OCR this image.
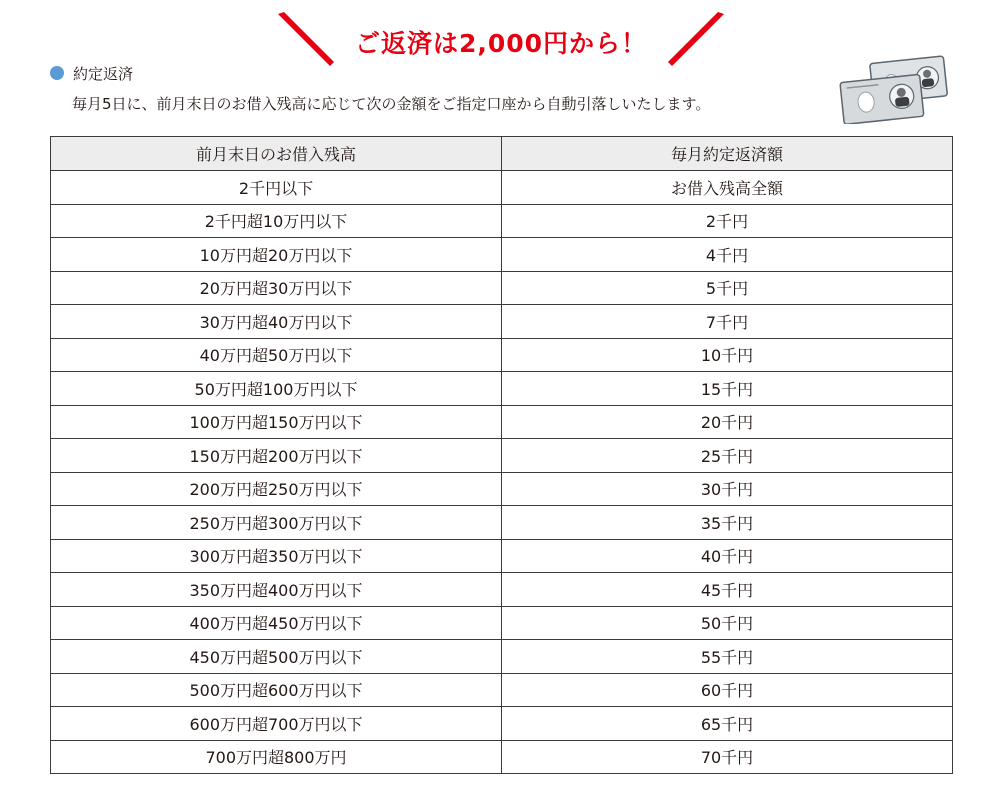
ご返済は2,000円から！
約定返済
毎月5日に、前月末日のお借入残高に応じて次の金額をご指定口座から自動引落しいたします。
前月末日のお借入残高	毎月約定返済額
2千円以下	お借入残高全額
2千円超10万円以下	2千円
10万円超20万円以下	4千円
20万円超30万円以下	5千円
30万円超40万円以下	7千円
40万円超50万円以下	10千円
50万円超100万円以下	15千円
100万円超150万円以下	20千円
150万円超200万円以下	25千円
200万円超250万円以下	30千円
250万円超300万円以下	35千円
300万円超350万円以下	40千円
350万円超400万円以下	45千円
400万円超450万円以下	50千円
450万円超500万円以下	55千円
500万円超600万円以下	60千円
600万円超700万円以下	65千円
700万円超800万円	70千円
